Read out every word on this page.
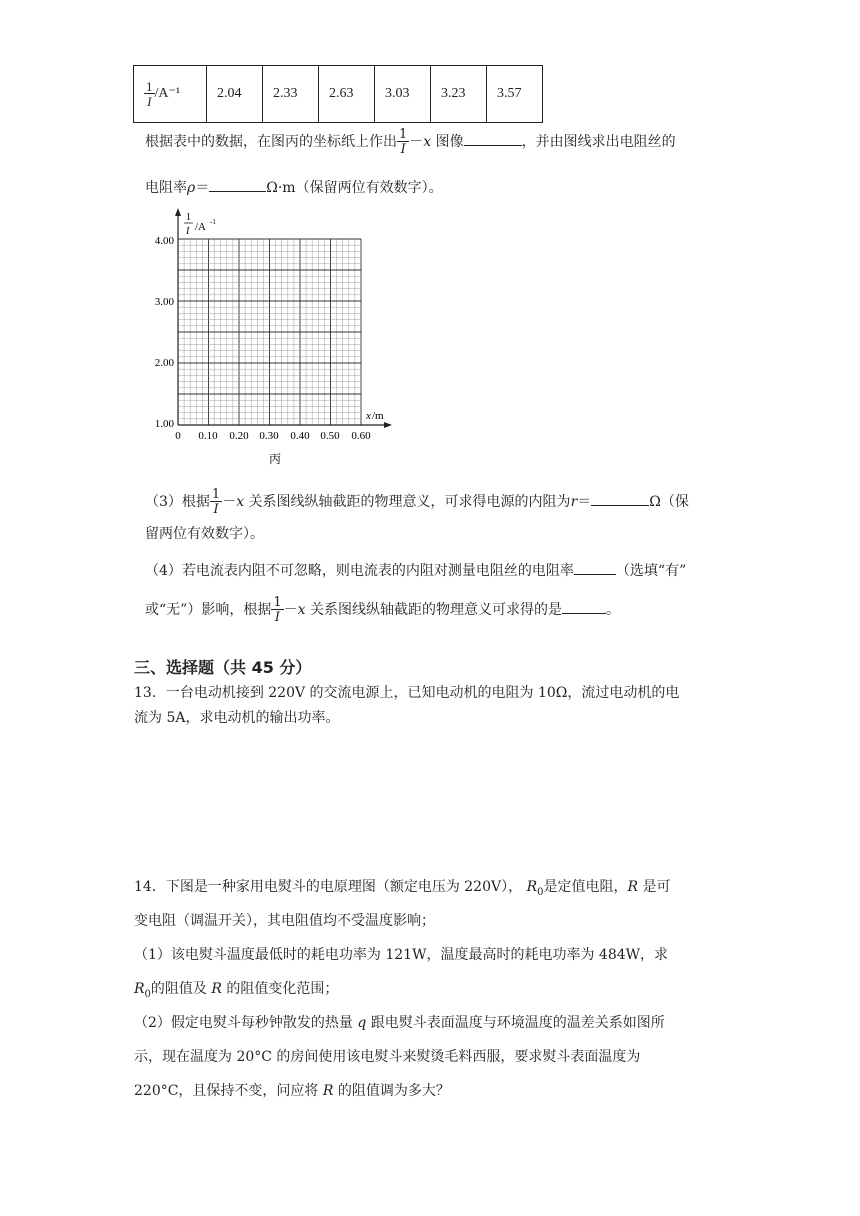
$\frac{1}{I} /A^{-1}$	2.04	2.33	2.63	3.03	3.23	3.57
根据表中的数据，在图丙的坐标纸上作出 $\frac{1}{I} -x$ 图像	，并由图线求出电阻丝的
电阻率ρ＝	Ω·m（保留两位有效数字）。
1
I /A -1
x /m
4.00
3.00
2.00
1.00
0 0.10 0.20 0.30 0.40 0.50 0.60
丙
（3）根据 $\frac{1}{I} -x$ 关系图线纵轴截距的物理意义，可求得电源的内阻为r＝	Ω（保
留两位有效数字）。
（4）若电流表内阻不可忽略，则电流表的内阻对测量电阻丝的电阻率	（选填“有”
或“无”）影响，根据 $\frac{1}{I} -x$ 关系图线纵轴截距的物理意义可求得的是	。
三、选择题（共 45 分）
13．一台电动机接到 220V 的交流电源上，已知电动机的电阻为 10Ω，流过电动机的电
流为 5A，求电动机的输出功率。
14．下图是一种家用电熨斗的电原理图（额定电压为 220V）， $R_0$是定值电阻，R 是可
变电阻（调温开关），其电阻值均不受温度影响；
（1）该电熨斗温度最低时的耗电功率为 121W，温度最高时的耗电功率为 484W，求
$R_0$的阻值及 R 的阻值变化范围；
（2）假定电熨斗每秒钟散发的热量 q 跟电熨斗表面温度与环境温度的温差关系如图所
示，现在温度为 20°C 的房间使用该电熨斗来熨烫毛料西服，要求熨斗表面温度为
220°C，且保持不变，问应将 R 的阻值调为多大？
